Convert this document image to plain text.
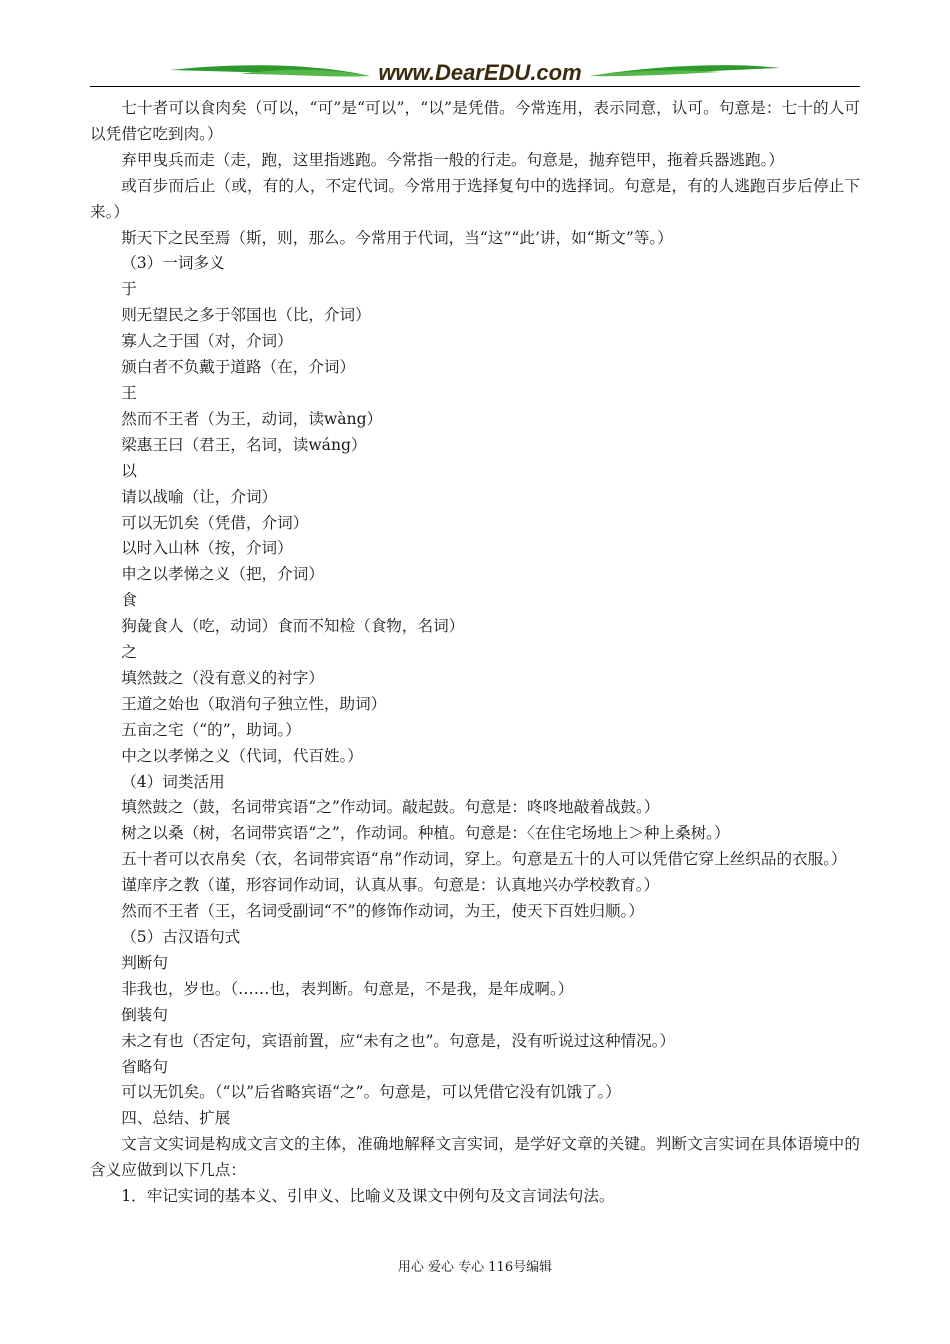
www.DearEDU.com

七十者可以食肉矣（可以，“可”是“可以”，“以”是凭借。今常连用，表示同意，认可。句意是：七十的人可以凭借它吃到肉。）

弃甲曳兵而走（走，跑，这里指逃跑。今常指一般的行走。句意是，抛弃铠甲，拖着兵器逃跑。）

或百步而后止（或，有的人，不定代词。今常用于选择复句中的选择词。句意是，有的人逃跑百步后停止下来。）

斯天下之民至焉（斯，则，那么。今常用于代词，当“这”“此’讲，如“斯文”等。）

（3）一词多义

于

则无望民之多于邻国也（比，介词）

寡人之于国（对，介词）

颁白者不负戴于道路（在，介词）

王

然而不王者（为王，动词，读wàng）

梁惠王曰（君王，名词，读wáng）

以

请以战喻（让，介词）

可以无饥矣（凭借，介词）

以时入山林（按，介词）

申之以孝悌之义（把，介词）

食

狗彘食人（吃，动词）食而不知检（食物，名词）

之

填然鼓之（没有意义的衬字）

王道之始也（取消句子独立性，助词）

五亩之宅（“的”，助词。）

中之以孝悌之义（代词，代百姓。）

（4）词类活用

填然鼓之（鼓，名词带宾语“之”作动词。敲起鼓。句意是：咚咚地敲着战鼓。）

树之以桑（树，名词带宾语“之”，作动词。种植。句意是：〈在住宅场地上＞种上桑树。）

五十者可以衣帛矣（衣，名词带宾语“帛”作动词，穿上。句意是五十的人可以凭借它穿上丝织品的衣服。）

谨庠序之教（谨，形容词作动词，认真从事。句意是：认真地兴办学校教育。）

然而不王者（王，名词受副词“不”的修饰作动词，为王，使天下百姓归顺。）

（5）古汉语句式

判断句

非我也，岁也。（……也，表判断。句意是，不是我，是年成啊。）

倒装句

未之有也（否定句，宾语前置，应“未有之也”。句意是，没有听说过这种情况。）

省略句

可以无饥矣。（“以”后省略宾语“之”。句意是，可以凭借它没有饥饿了。）

四、总结、扩展

文言文实词是构成文言文的主体，准确地解释文言实词，是学好文章的关键。判断文言实词在具体语境中的含义应做到以下几点：

1．牢记实词的基本义、引申义、比喻义及课文中例句及文言词法句法。

用心 爱心 专心 116号编辑
